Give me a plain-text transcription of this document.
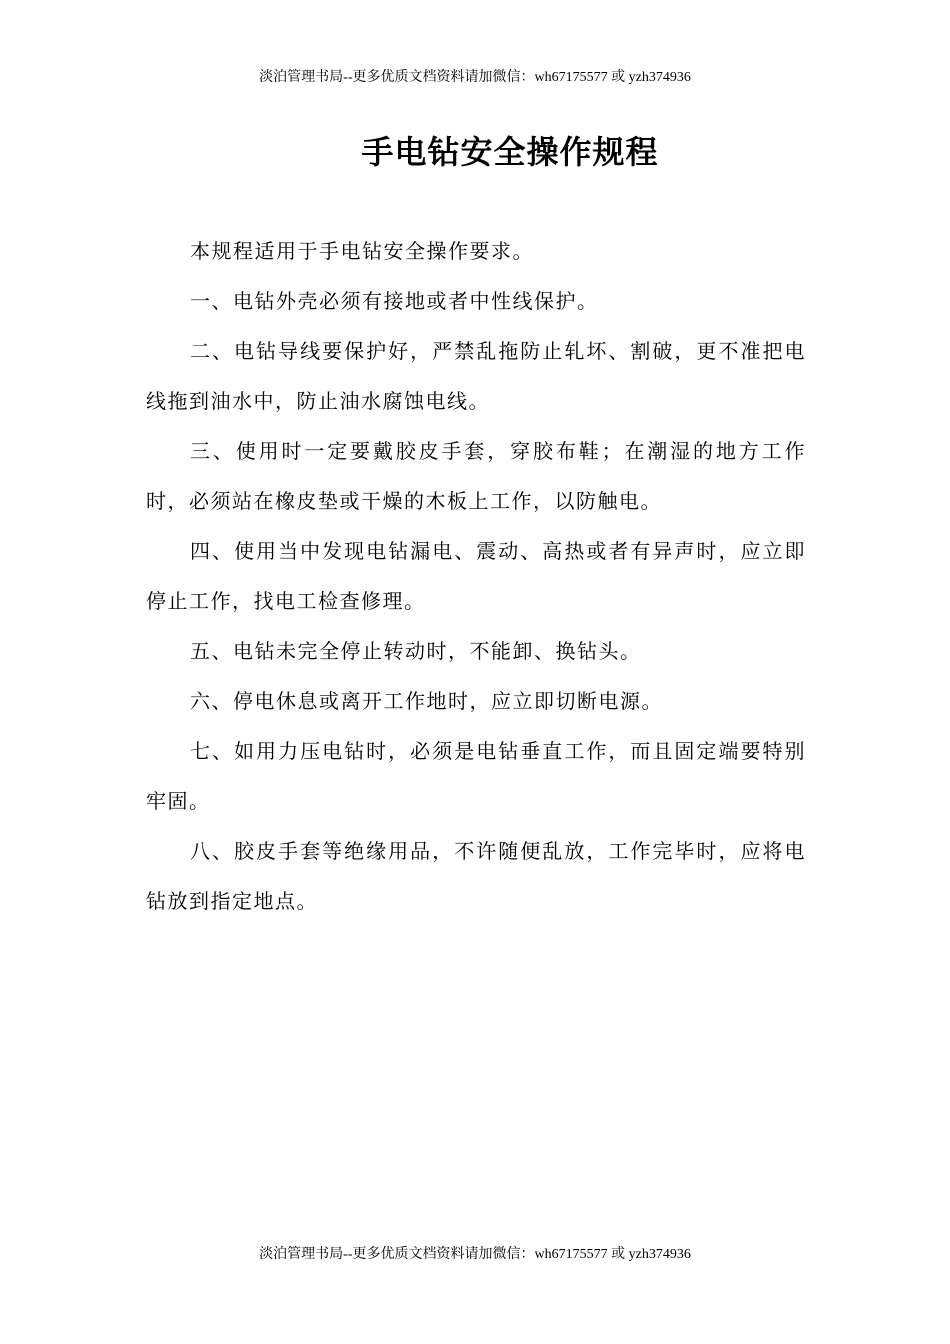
淡泊管理书局--更多优质文档资料请加微信：wh67175577 或 yzh374936
手电钻安全操作规程

本规程适用于手电钻安全操作要求。

一、电钻外壳必须有接地或者中性线保护。

二、电钻导线要保护好，严禁乱拖防止轧坏、割破，更不准把电线拖到油水中，防止油水腐蚀电线。

三、使用时一定要戴胶皮手套，穿胶布鞋；在潮湿的地方工作时，必须站在橡皮垫或干燥的木板上工作，以防触电。

四、使用当中发现电钻漏电、震动、高热或者有异声时，应立即停止工作，找电工检查修理。

五、电钻未完全停止转动时，不能卸、换钻头。

六、停电休息或离开工作地时，应立即切断电源。

七、如用力压电钻时，必须是电钻垂直工作，而且固定端要特别牢固。

八、胶皮手套等绝缘用品，不许随便乱放，工作完毕时，应将电钻放到指定地点。

淡泊管理书局--更多优质文档资料请加微信：wh67175577 或 yzh374936
